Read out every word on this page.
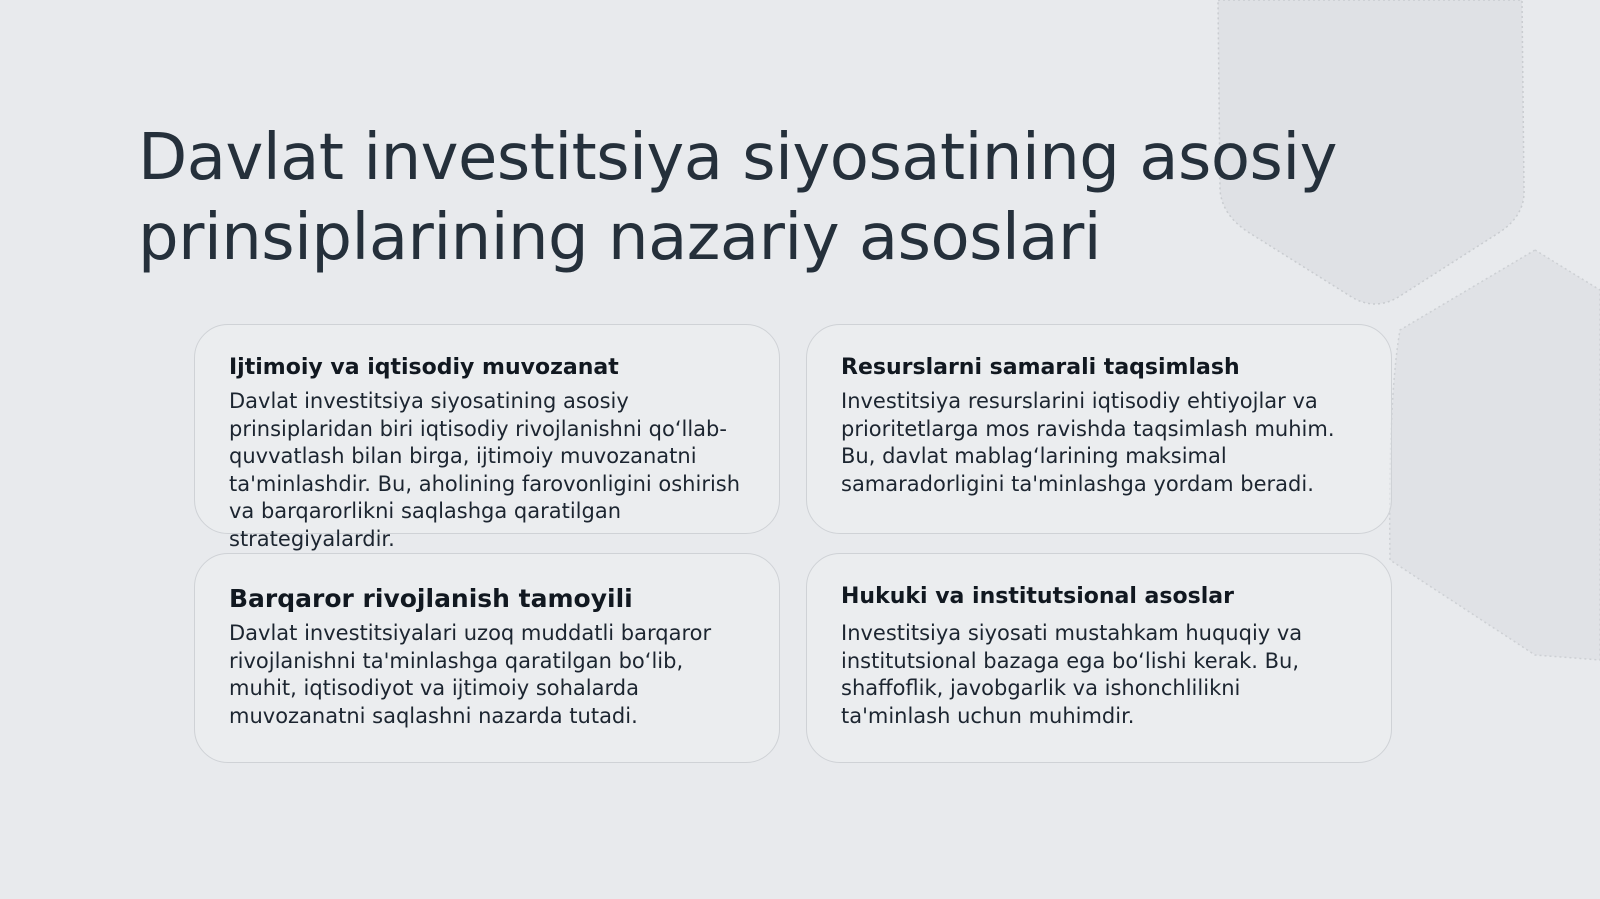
Davlat investitsiya siyosatining asosiy prinsiplarining nazariy asoslari
Ijtimoiy va iqtisodiy muvozanat

Davlat investitsiya siyosatining asosiy prinsiplaridan biri iqtisodiy rivojlanishni qo‘llab-quvvatlash bilan birga, ijtimoiy muvozanatni ta'minlashdir. Bu, aholining farovonligini oshirish va barqarorlikni saqlashga qaratilgan strategiyalardir.

Resurslarni samarali taqsimlash

Investitsiya resurslarini iqtisodiy ehtiyojlar va prioritetlarga mos ravishda taqsimlash muhim. Bu, davlat mablag‘larining maksimal samaradorligini ta'minlashga yordam beradi.

Barqaror rivojlanish tamoyili

Davlat investitsiyalari uzoq muddatli barqaror rivojlanishni ta'minlashga qaratilgan bo‘lib, muhit, iqtisodiyot va ijtimoiy sohalarda muvozanatni saqlashni nazarda tutadi.

Hukuki va institutsional asoslar

Investitsiya siyosati mustahkam huquqiy va institutsional bazaga ega bo‘lishi kerak. Bu, shaffoflik, javobgarlik va ishonchlilikni ta'minlash uchun muhimdir.
